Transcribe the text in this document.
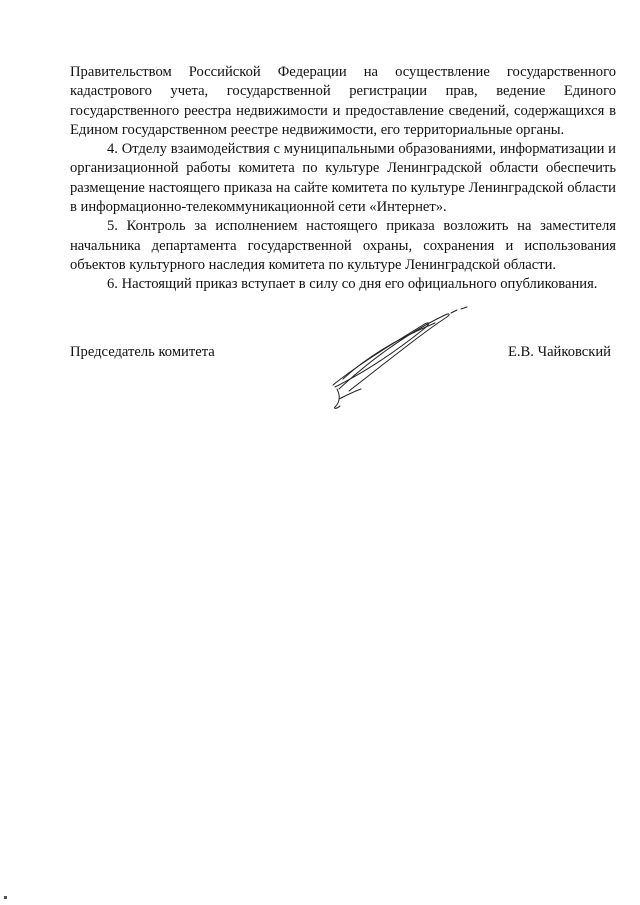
Правительством Российской Федерации на осуществление государственного кадастрового учета, государственной регистрации прав, ведение Единого государственного реестра недвижимости и предоставление сведений, содержащихся в Едином государственном реестре недвижимости, его территориальные органы.

4. Отделу взаимодействия с муниципальными образованиями, информатизации и организационной работы комитета по культуре Ленинградской области обеспечить размещение настоящего приказа на сайте комитета по культуре Ленинградской области в информационно-телекоммуникационной сети «Интернет».

5. Контроль за исполнением настоящего приказа возложить на заместителя начальника департамента государственной охраны, сохранения и использования объектов культурного наследия комитета по культуре Ленинградской области.

6. Настоящий приказ вступает в силу со дня его официального опубликования.

Председатель комитета	Е.В. Чайковский
